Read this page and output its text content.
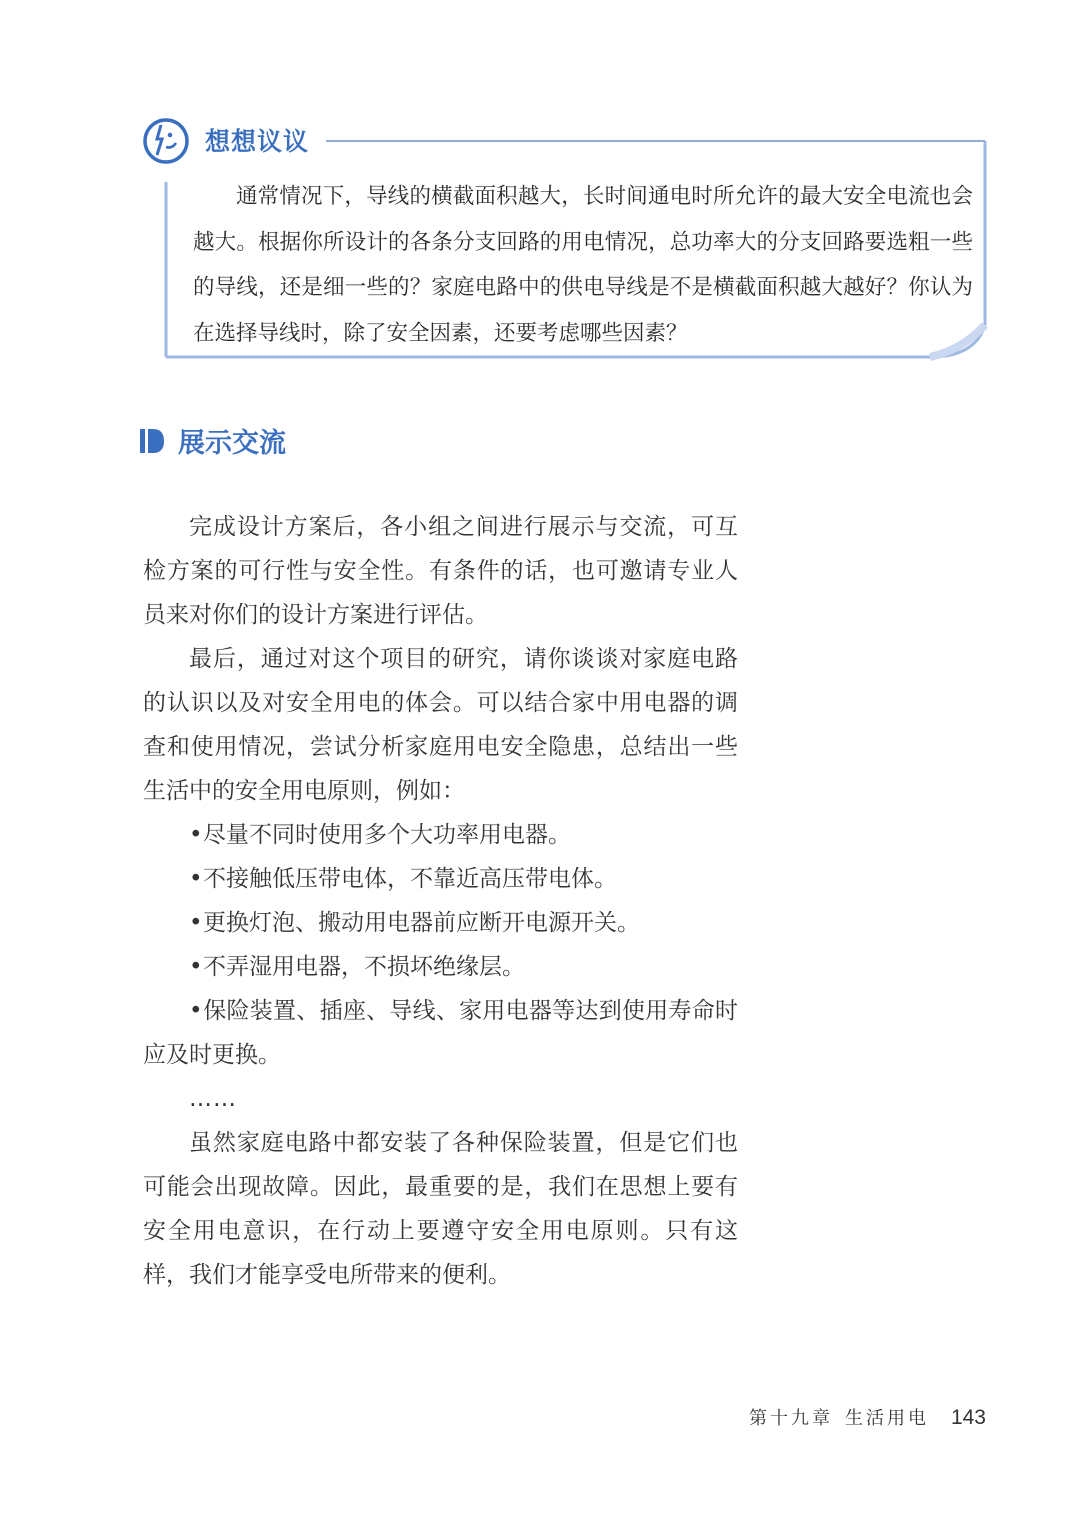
想想议议

通常情况下，导线的横截面积越大，长时间通电时所允许的最大安全电流也会越大。根据你所设计的各条分支回路的用电情况，总功率大的分支回路要选粗一些的导线，还是细一些的？家庭电路中的供电导线是不是横截面积越大越好？你认为在选择导线时，除了安全因素，还要考虑哪些因素？

展示交流

完成设计方案后，各小组之间进行展示与交流，可互检方案的可行性与安全性。有条件的话，也可邀请专业人员来对你们的设计方案进行评估。

最后，通过对这个项目的研究，请你谈谈对家庭电路的认识以及对安全用电的体会。可以结合家中用电器的调查和使用情况，尝试分析家庭用电安全隐患，总结出一些生活中的安全用电原则，例如：

•尽量不同时使用多个大功率用电器。

•不接触低压带电体，不靠近高压带电体。

•更换灯泡、搬动用电器前应断开电源开关。

•不弄湿用电器，不损坏绝缘层。

•保险装置、插座、导线、家用电器等达到使用寿命时应及时更换。

……

虽然家庭电路中都安装了各种保险装置，但是它们也可能会出现故障。因此，最重要的是，我们在思想上要有安全用电意识，在行动上要遵守安全用电原则。只有这样，我们才能享受电所带来的便利。

第十九章 生活用电 143
